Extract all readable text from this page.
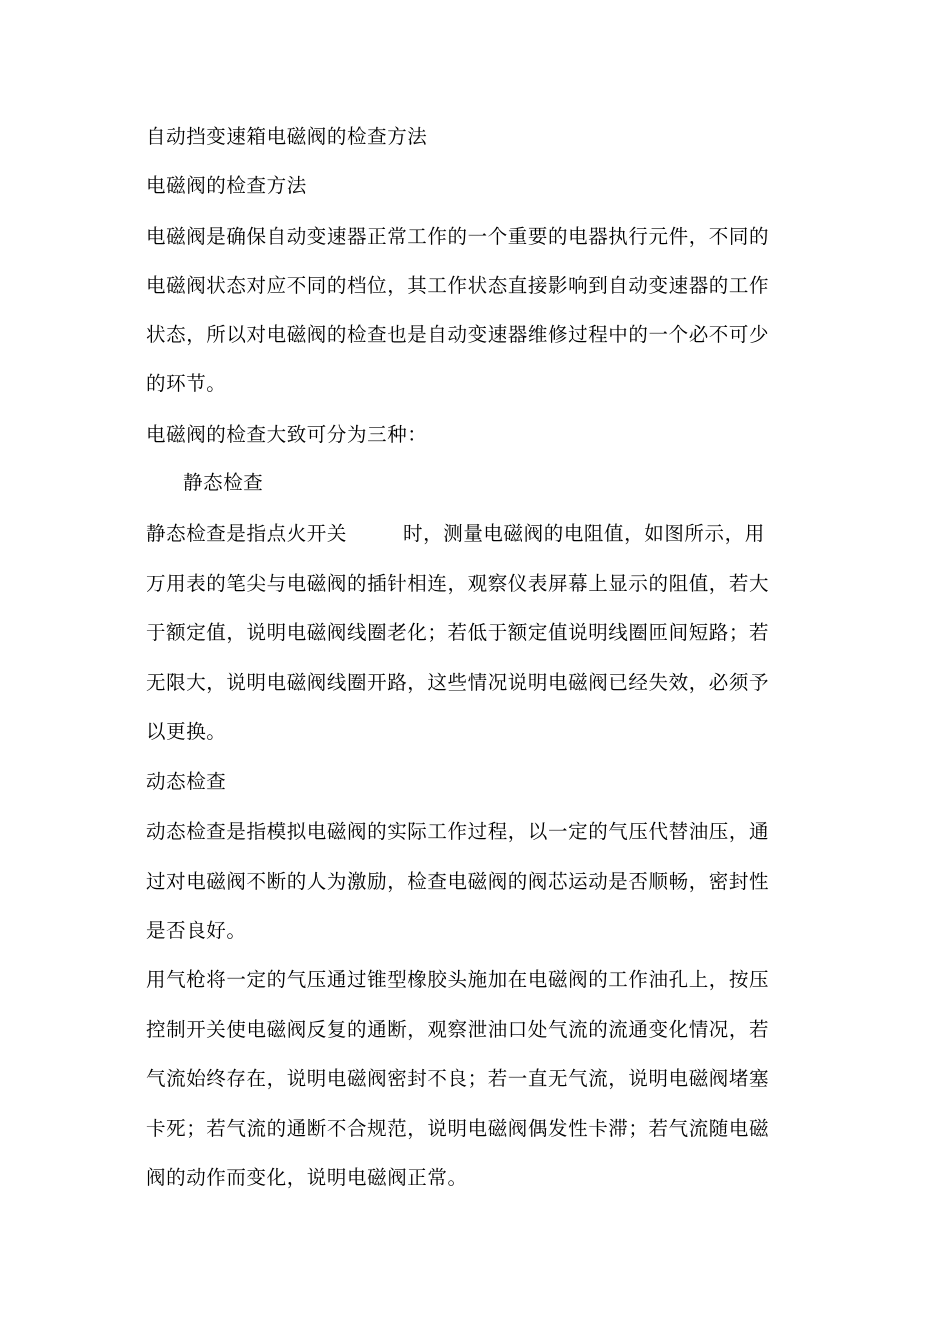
自动挡变速箱电磁阀的检查方法
电磁阀的检查方法
电磁阀是确保自动变速器正常工作的一个重要的电器执行元件，不同的
电磁阀状态对应不同的档位，其工作状态直接影响到自动变速器的工作
状态，所以对电磁阀的检查也是自动变速器维修过程中的一个必不可少
的环节。
电磁阀的检查大致可分为三种：
静态检查
静态检查是指点火开关	时，测量电磁阀的电阻值，如图所示，用
万用表的笔尖与电磁阀的插针相连，观察仪表屏幕上显示的阻值，若大
于额定值，说明电磁阀线圈老化；若低于额定值说明线圈匝间短路；若
无限大，说明电磁阀线圈开路，这些情况说明电磁阀已经失效，必须予
以更换。
动态检查
动态检查是指模拟电磁阀的实际工作过程，以一定的气压代替油压，通
过对电磁阀不断的人为激励，检查电磁阀的阀芯运动是否顺畅，密封性
是否良好。
用气枪将一定的气压通过锥型橡胶头施加在电磁阀的工作油孔上，按压
控制开关使电磁阀反复的通断，观察泄油口处气流的流通变化情况，若
气流始终存在，说明电磁阀密封不良；若一直无气流，说明电磁阀堵塞
卡死；若气流的通断不合规范，说明电磁阀偶发性卡滞；若气流随电磁
阀的动作而变化，说明电磁阀正常。
